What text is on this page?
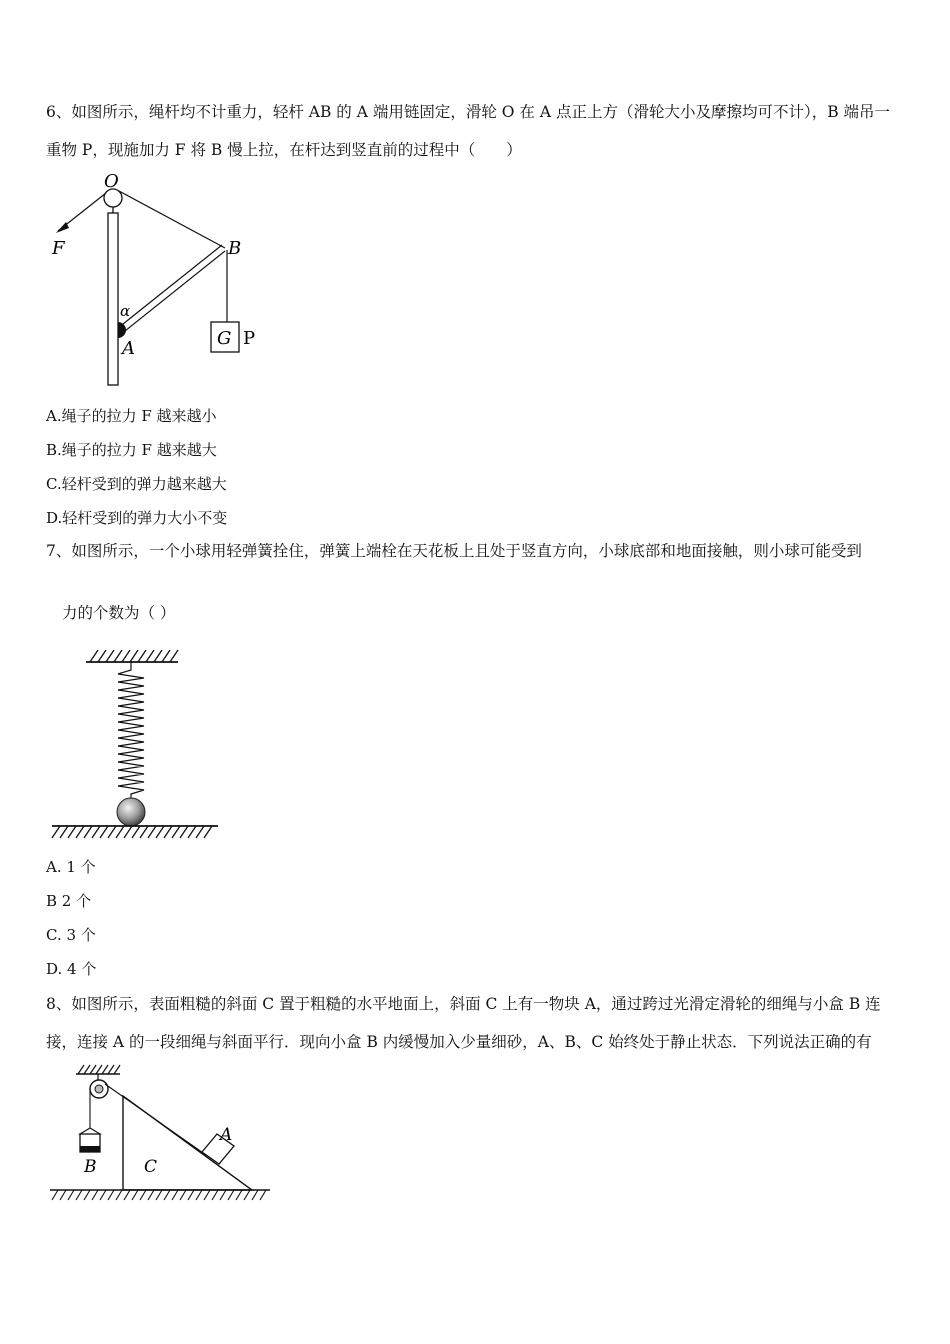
6、如图所示，绳杆均不计重力，轻杆 AB 的 A 端用链固定，滑轮 O 在 A 点正上方（滑轮大小及摩擦均可不计），B 端吊一
重物 P，现施加力 F 将 B 慢上拉，在杆达到竖直前的过程中（　　）
O
F	B
α
A	G P
A.绳子的拉力 F 越来越小
B.绳子的拉力 F 越来越大
C.轻杆受到的弹力越来越大
D.轻杆受到的弹力大小不变
7、如图所示，一个小球用轻弹簧拴住，弹簧上端栓在天花板上且处于竖直方向，小球底部和地面接触，则小球可能受到
力的个数为（ ）
A. 1 个
B 2 个
C. 3 个
D. 4 个
8、如图所示，表面粗糙的斜面 C 置于粗糙的水平地面上，斜面 C 上有一物块 A，通过跨过光滑定滑轮的细绳与小盒 B 连
接，连接 A 的一段细绳与斜面平行．现向小盒 B 内缓慢加入少量细砂，A、B、C 始终处于静止状态．下列说法正确的有
A
B	C
